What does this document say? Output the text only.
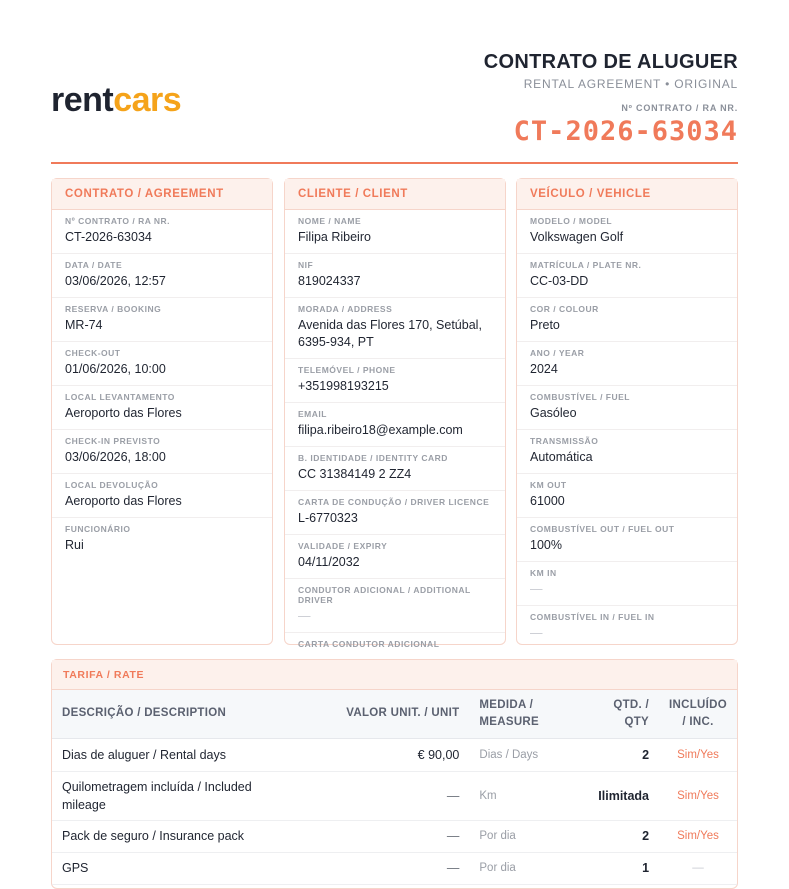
rentcars
CONTRATO DE ALUGUER
RENTAL AGREEMENT • ORIGINAL
Nº CONTRATO / RA NR.
CT-2026-63034
CONTRATO / AGREEMENT
Nº CONTRATO / RA NR.
CT-2026-63034
DATA / DATE
03/06/2026, 12:57
RESERVA / BOOKING
MR-74
CHECK-OUT
01/06/2026, 10:00
LOCAL LEVANTAMENTO
Aeroporto das Flores
CHECK-IN PREVISTO
03/06/2026, 18:00
LOCAL DEVOLUÇÃO
Aeroporto das Flores
FUNCIONÁRIO
Rui
CLIENTE / CLIENT
NOME / NAME
Filipa Ribeiro
NIF
819024337
MORADA / ADDRESS
Avenida das Flores 170, Setúbal, 6395-934, PT
TELEMÓVEL / PHONE
+351998193215
EMAIL
filipa.ribeiro18@example.com
B. IDENTIDADE / IDENTITY CARD
CC 31384149 2 ZZ4
CARTA DE CONDUÇÃO / DRIVER LICENCE
L-6770323
VALIDADE / EXPIRY
04/11/2032
CONDUTOR ADICIONAL / ADDITIONAL DRIVER
—
CARTA CONDUTOR ADICIONAL
VEÍCULO / VEHICLE
MODELO / MODEL
Volkswagen Golf
MATRÍCULA / PLATE NR.
CC-03-DD
COR / COLOUR
Preto
ANO / YEAR
2024
COMBUSTÍVEL / FUEL
Gasóleo
TRANSMISSÃO
Automática
KM OUT
61000
COMBUSTÍVEL OUT / FUEL OUT
100%
KM IN
—
COMBUSTÍVEL IN / FUEL IN
—
TARIFA / RATE
DESCRIÇÃO / DESCRIPTION	VALOR UNIT. / UNIT	MEDIDA / MEASURE	QTD. / QTY	INCLUÍDO / INC.
Dias de aluguer / Rental days	€ 90,00	Dias / Days	2	Sim/Yes
Quilometragem incluída / Included mileage	—	Km	Ilimitada	Sim/Yes
Pack de seguro / Insurance pack	—	Por dia	2	Sim/Yes
GPS	—	Por dia	1	—
